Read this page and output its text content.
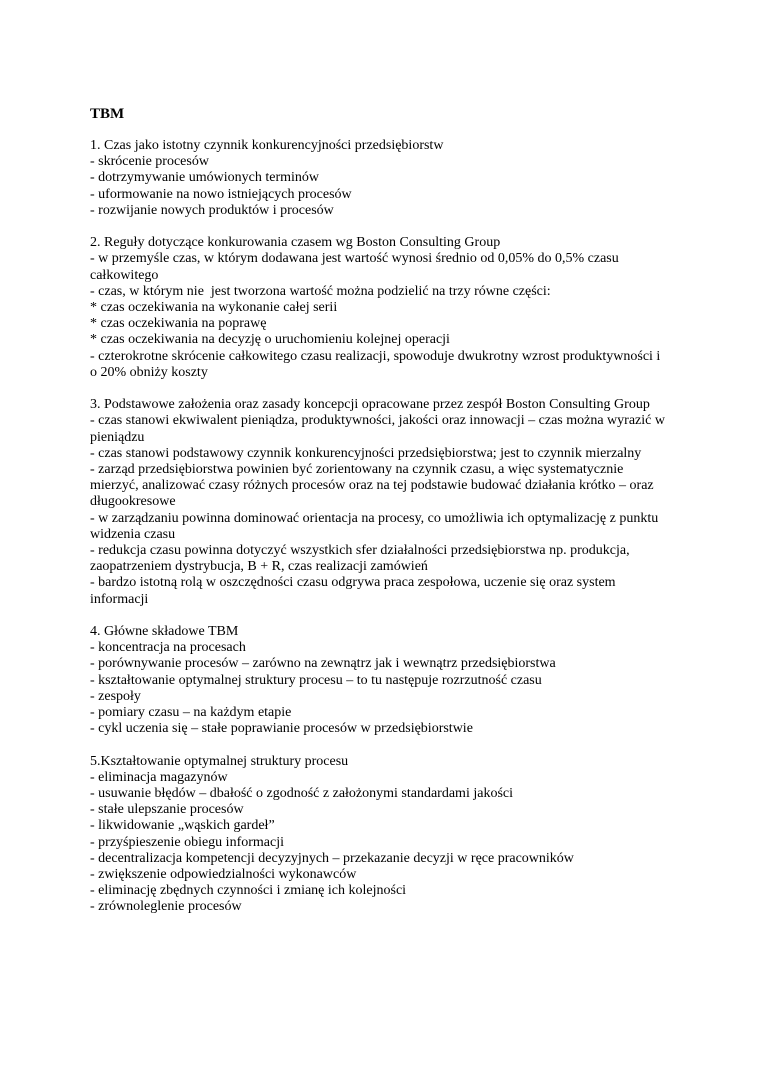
TBM
1. Czas jako istotny czynnik konkurencyjności przedsiębiorstw
- skrócenie procesów
- dotrzymywanie umówionych terminów
- uformowanie na nowo istniejących procesów
- rozwijanie nowych produktów i procesów
2. Reguły dotyczące konkurowania czasem wg Boston Consulting Group
- w przemyśle czas, w którym dodawana jest wartość wynosi średnio od 0,05% do 0,5% czasu
całkowitego
- czas, w którym nie  jest tworzona wartość można podzielić na trzy równe części:
* czas oczekiwania na wykonanie całej serii
* czas oczekiwania na poprawę
* czas oczekiwania na decyzję o uruchomieniu kolejnej operacji
- czterokrotne skrócenie całkowitego czasu realizacji, spowoduje dwukrotny wzrost produktywności i
o 20% obniży koszty
3. Podstawowe założenia oraz zasady koncepcji opracowane przez zespół Boston Consulting Group
- czas stanowi ekwiwalent pieniądza, produktywności, jakości oraz innowacji – czas można wyrazić w
pieniądzu
- czas stanowi podstawowy czynnik konkurencyjności przedsiębiorstwa; jest to czynnik mierzalny
- zarząd przedsiębiorstwa powinien być zorientowany na czynnik czasu, a więc systematycznie
mierzyć, analizować czasy różnych procesów oraz na tej podstawie budować działania krótko – oraz
długookresowe
- w zarządzaniu powinna dominować orientacja na procesy, co umożliwia ich optymalizację z punktu
widzenia czasu
- redukcja czasu powinna dotyczyć wszystkich sfer działalności przedsiębiorstwa np. produkcja,
zaopatrzeniem dystrybucja, B + R, czas realizacji zamówień
- bardzo istotną rolą w oszczędności czasu odgrywa praca zespołowa, uczenie się oraz system
informacji
4. Główne składowe TBM
- koncentracja na procesach
- porównywanie procesów – zarówno na zewnątrz jak i wewnątrz przedsiębiorstwa
- kształtowanie optymalnej struktury procesu – to tu następuje rozrzutność czasu
- zespoły
- pomiary czasu – na każdym etapie
- cykl uczenia się – stałe poprawianie procesów w przedsiębiorstwie
5.Kształtowanie optymalnej struktury procesu
- eliminacja magazynów
- usuwanie błędów – dbałość o zgodność z założonymi standardami jakości
- stałe ulepszanie procesów
- likwidowanie „wąskich gardeł”
- przyśpieszenie obiegu informacji
- decentralizacja kompetencji decyzyjnych – przekazanie decyzji w ręce pracowników
- zwiększenie odpowiedzialności wykonawców
- eliminację zbędnych czynności i zmianę ich kolejności
- zrównoleglenie procesów
